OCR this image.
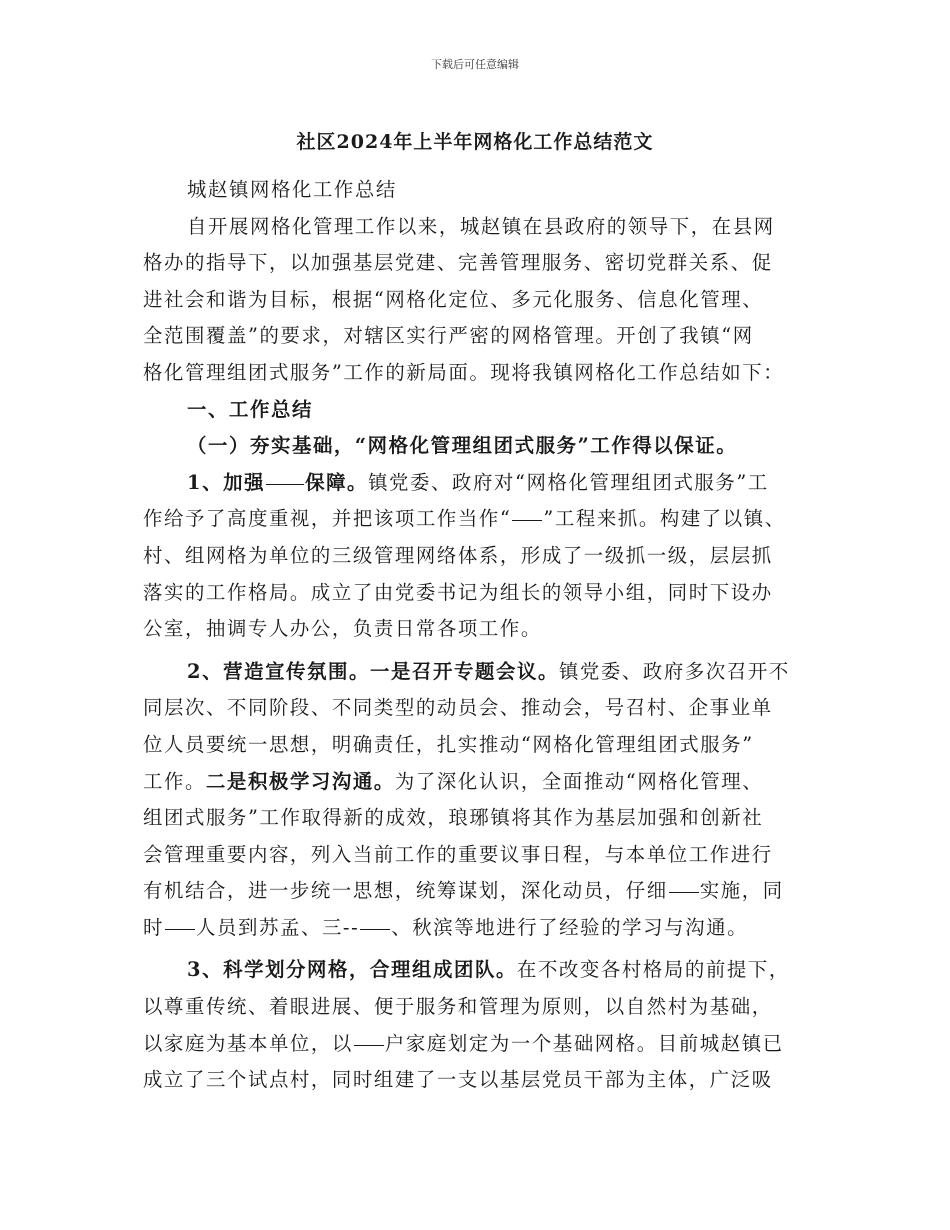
下载后可任意编辑
社区2024年上半年网格化工作总结范文
城赵镇网格化工作总结
自开展网格化管理工作以来，城赵镇在县政府的领导下，在县网
格办的指导下，以加强基层党建、完善管理服务、密切党群关系、促
进社会和谐为目标，根据“网格化定位、多元化服务、信息化管理、
全范围覆盖”的要求，对辖区实行严密的网格管理。开创了我镇“网
格化管理组团式服务”工作的新局面。现将我镇网格化工作总结如下：
一、工作总结
（一）夯实基础，“网格化管理组团式服务”工作得以保证。
1、加强 保障。镇党委、政府对“网格化管理组团式服务”工
作给予了高度重视，并把该项工作当作“ ”工程来抓。构建了以镇、
村、组网格为单位的三级管理网络体系，形成了一级抓一级，层层抓
落实的工作格局。成立了由党委书记为组长的领导小组，同时下设办
公室，抽调专人办公，负责日常各项工作。
2、营造宣传氛围。一是召开专题会议。镇党委、政府多次召开不
同层次、不同阶段、不同类型的动员会、推动会，号召村、企事业单
位人员要统一思想，明确责任，扎实推动“网格化管理组团式服务”
工作。二是积极学习沟通。为了深化认识，全面推动“网格化管理、
组团式服务”工作取得新的成效，琅琊镇将其作为基层加强和创新社
会管理重要内容，列入当前工作的重要议事日程，与本单位工作进行
有机结合，进一步统一思想，统筹谋划，深化动员，仔细 实施，同
时 人员到苏孟、三-- 、秋滨等地进行了经验的学习与沟通。
3、科学划分网格，合理组成团队。在不改变各村格局的前提下，
以尊重传统、着眼进展、便于服务和管理为原则，以自然村为基础，
以家庭为基本单位，以 户家庭划定为一个基础网格。目前城赵镇已
成立了三个试点村，同时组建了一支以基层党员干部为主体，广泛吸
